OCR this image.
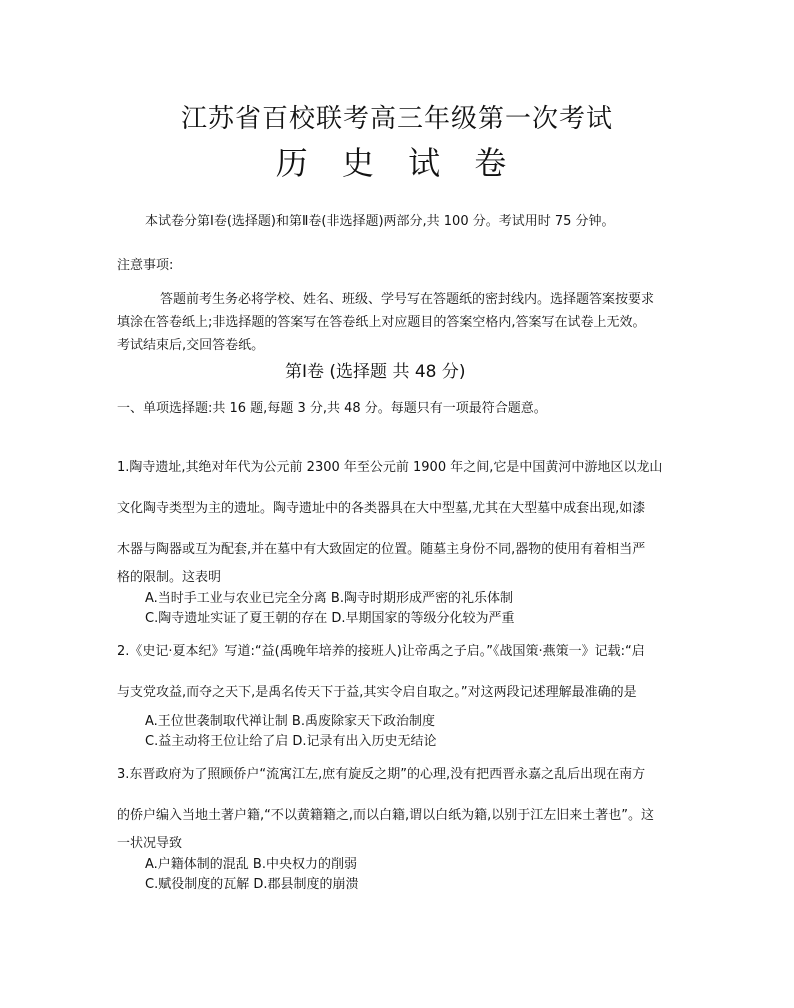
江苏省百校联考高三年级第一次考试
历 史 试 卷
本试卷分第Ⅰ卷(选择题)和第Ⅱ卷(非选择题)两部分,共 100 分。考试用时 75 分钟。
注意事项:
答题前考生务必将学校、姓名、班级、学号写在答题纸的密封线内。选择题答案按要求
填涂在答卷纸上;非选择题的答案写在答卷纸上对应题目的答案空格内,答案写在试卷上无效。
考试结束后,交回答卷纸。
第Ⅰ卷 (选择题 共 48 分)
一、单项选择题:共 16 题,每题 3 分,共 48 分。每题只有一项最符合题意。
1.陶寺遗址,其绝对年代为公元前 2300 年至公元前 1900 年之间,它是中国黄河中游地区以龙山
文化陶寺类型为主的遗址。陶寺遗址中的各类器具在大中型墓,尤其在大型墓中成套出现,如漆
木器与陶器或互为配套,并在墓中有大致固定的位置。随墓主身份不同,器物的使用有着相当严
格的限制。这表明
A.当时手工业与农业已完全分离 B.陶寺时期形成严密的礼乐体制
C.陶寺遗址实证了夏王朝的存在 D.早期国家的等级分化较为严重
2.《史记·夏本纪》写道:“益(禹晚年培养的接班人)让帝禹之子启。”《战国策·燕策一》记载:“启
与支党攻益,而夺之天下,是禹名传天下于益,其实令启自取之。”对这两段记述理解最准确的是
A.王位世袭制取代禅让制 B.禹废除家天下政治制度
C.益主动将王位让给了启 D.记录有出入历史无结论
3.东晋政府为了照顾侨户“流寓江左,庶有旋反之期”的心理,没有把西晋永嘉之乱后出现在南方
的侨户编入当地土著户籍,“不以黄籍籍之,而以白籍,谓以白纸为籍,以别于江左旧来土著也”。这
一状况导致
A.户籍体制的混乱 B.中央权力的削弱
C.赋役制度的瓦解 D.郡县制度的崩溃
